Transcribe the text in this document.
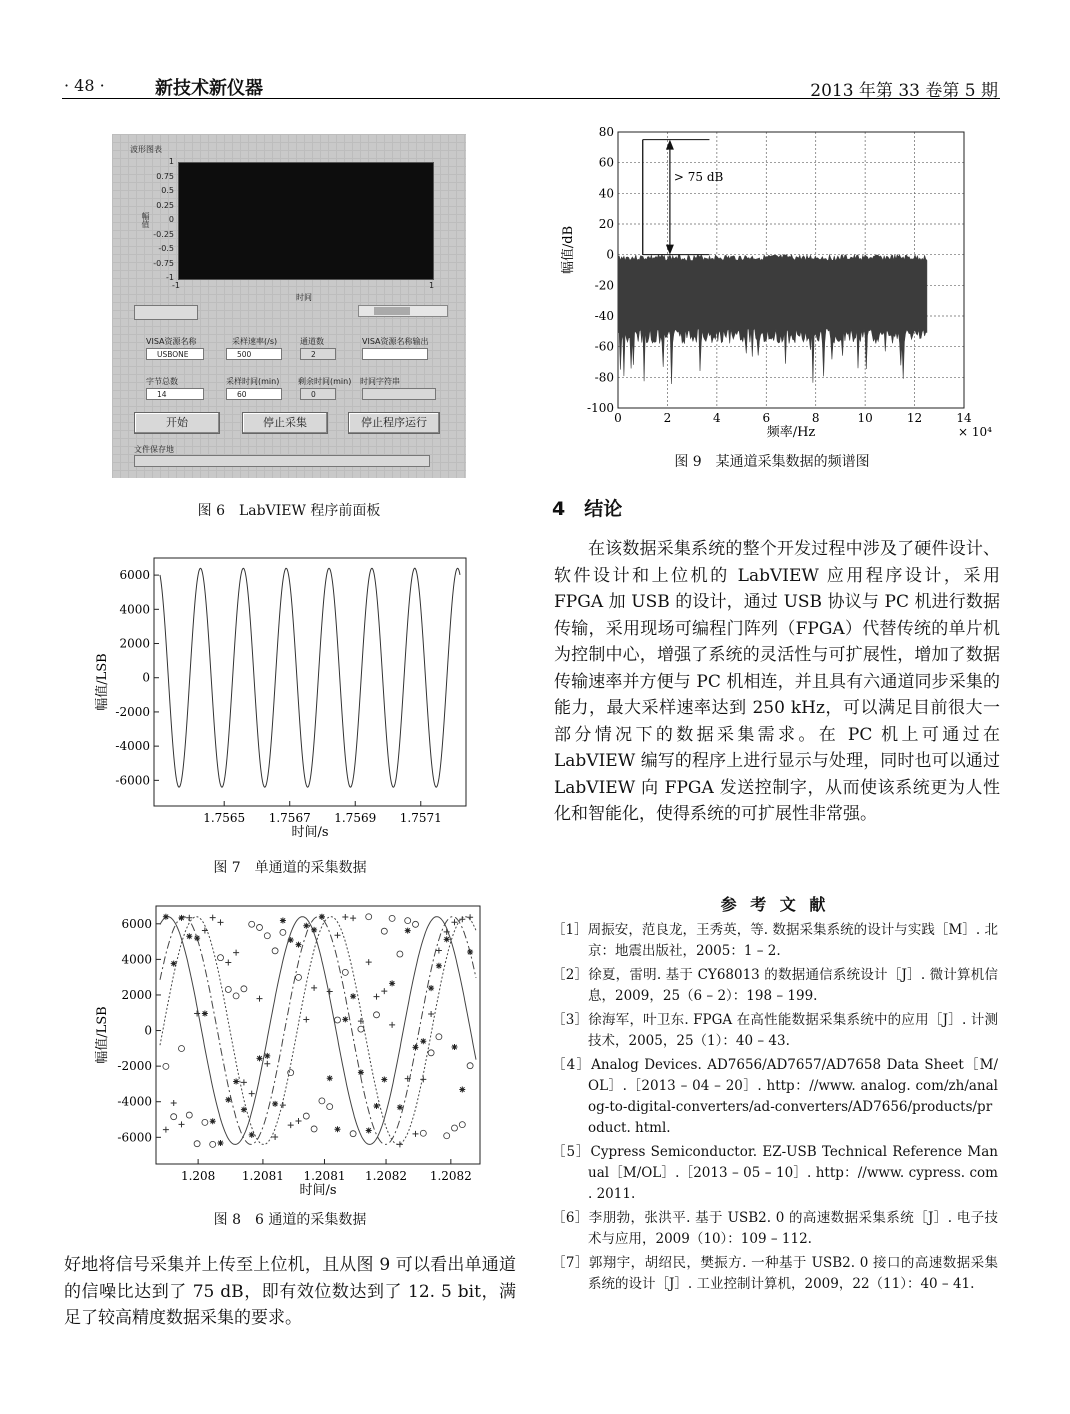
· 48 ·	新技术新仪器	2013 年第 33 卷第 5 期
波形图表
幅值
1
0.75
0.5
0.25
0
-0.25
-0.5
-0.75
-1
-1	1
时间
VISA资源名称
USBONE
采样速率(/s)
500
通道数
2
VISA资源名称输出
字节总数
14
采样时间(min)
60
剩余时间(min)
0
时间字符串
开始	停止采集	停止程序运行
文件保存地
图 6　LabVIEW 程序前面板
6000
4000
2000
0
-2000
-4000
-6000
1.7565 1.7567 1.7569 1.7571
时间/s
幅值/LSB
图 7　单通道的采集数据
6000
4000
2000
0
-2000
-4000
-6000
1.208 1.2081 1.2081 1.2082 1.2082
时间/s
幅值/LSB
图 8　6 通道的采集数据
好地将信号采集并上传至上位机，且从图 9 可以看出单通道的信噪比达到了 75 dB，即有效位数达到了 12. 5 bit，满足了较高精度数据采集的要求。
80
60
40
20
0
-20
-40
-60
-80
-100
0	2	4	6	8	10	12	14
> 75 dB
频率/Hz	× 10⁴
幅值/dB
图 9　某通道采集数据的频谱图
4　结论
在该数据采集系统的整个开发过程中涉及了硬件设计、软件设计和上位机的 LabVIEW 应用程序设计，采用 FPGA 加 USB 的设计，通过 USB 协议与 PC 机进行数据传输，采用现场可编程门阵列（FPGA）代替传统的单片机为控制中心，增强了系统的灵活性与可扩展性，增加了数据传输速率并方便与 PC 机相连，并且具有六通道同步采集的能力，最大采样速率达到 250 kHz，可以满足目前很大一部分情况下的数据采集需求。在 PC 机上可通过在 LabVIEW 编写的程序上进行显示与处理，同时也可以通过 LabVIEW 向 FPGA 发送控制字，从而使该系统更为人性化和智能化，使得系统的可扩展性非常强。
参 考 文 献
［1］周振安，范良龙，王秀英，等. 数据采集系统的设计与实践［M］. 北京：地震出版社，2005：1 – 2.
［2］徐夏，雷明. 基于 CY68013 的数据通信系统设计［J］. 微计算机信息，2009，25（6 – 2）：198 – 199.
［3］徐海军，叶卫东. FPGA 在高性能数据采集系统中的应用［J］. 计测技术，2005，25（1）：40 – 43.
［4］Analog Devices. AD7656/AD7657/AD7658 Data Sheet［M/OL］.［2013 – 04 – 20］. http：//www. analog. com/zh/analog-to-digital-converters/ad-converters/AD7656/products/product. html.
［5］Cypress Semiconductor. EZ-USB Technical Reference Manual［M/OL］.［2013 – 05 – 10］. http：//www. cypress. com . 2011.
［6］李朋勃，张洪平. 基于 USB2. 0 的高速数据采集系统［J］. 电子技术与应用，2009（10）：109 – 112.
［7］郭翔宇，胡绍民，樊振方. 一种基于 USB2. 0 接口的高速数据采集系统的设计［J］. 工业控制计算机，2009，22（11）：40 – 41.
